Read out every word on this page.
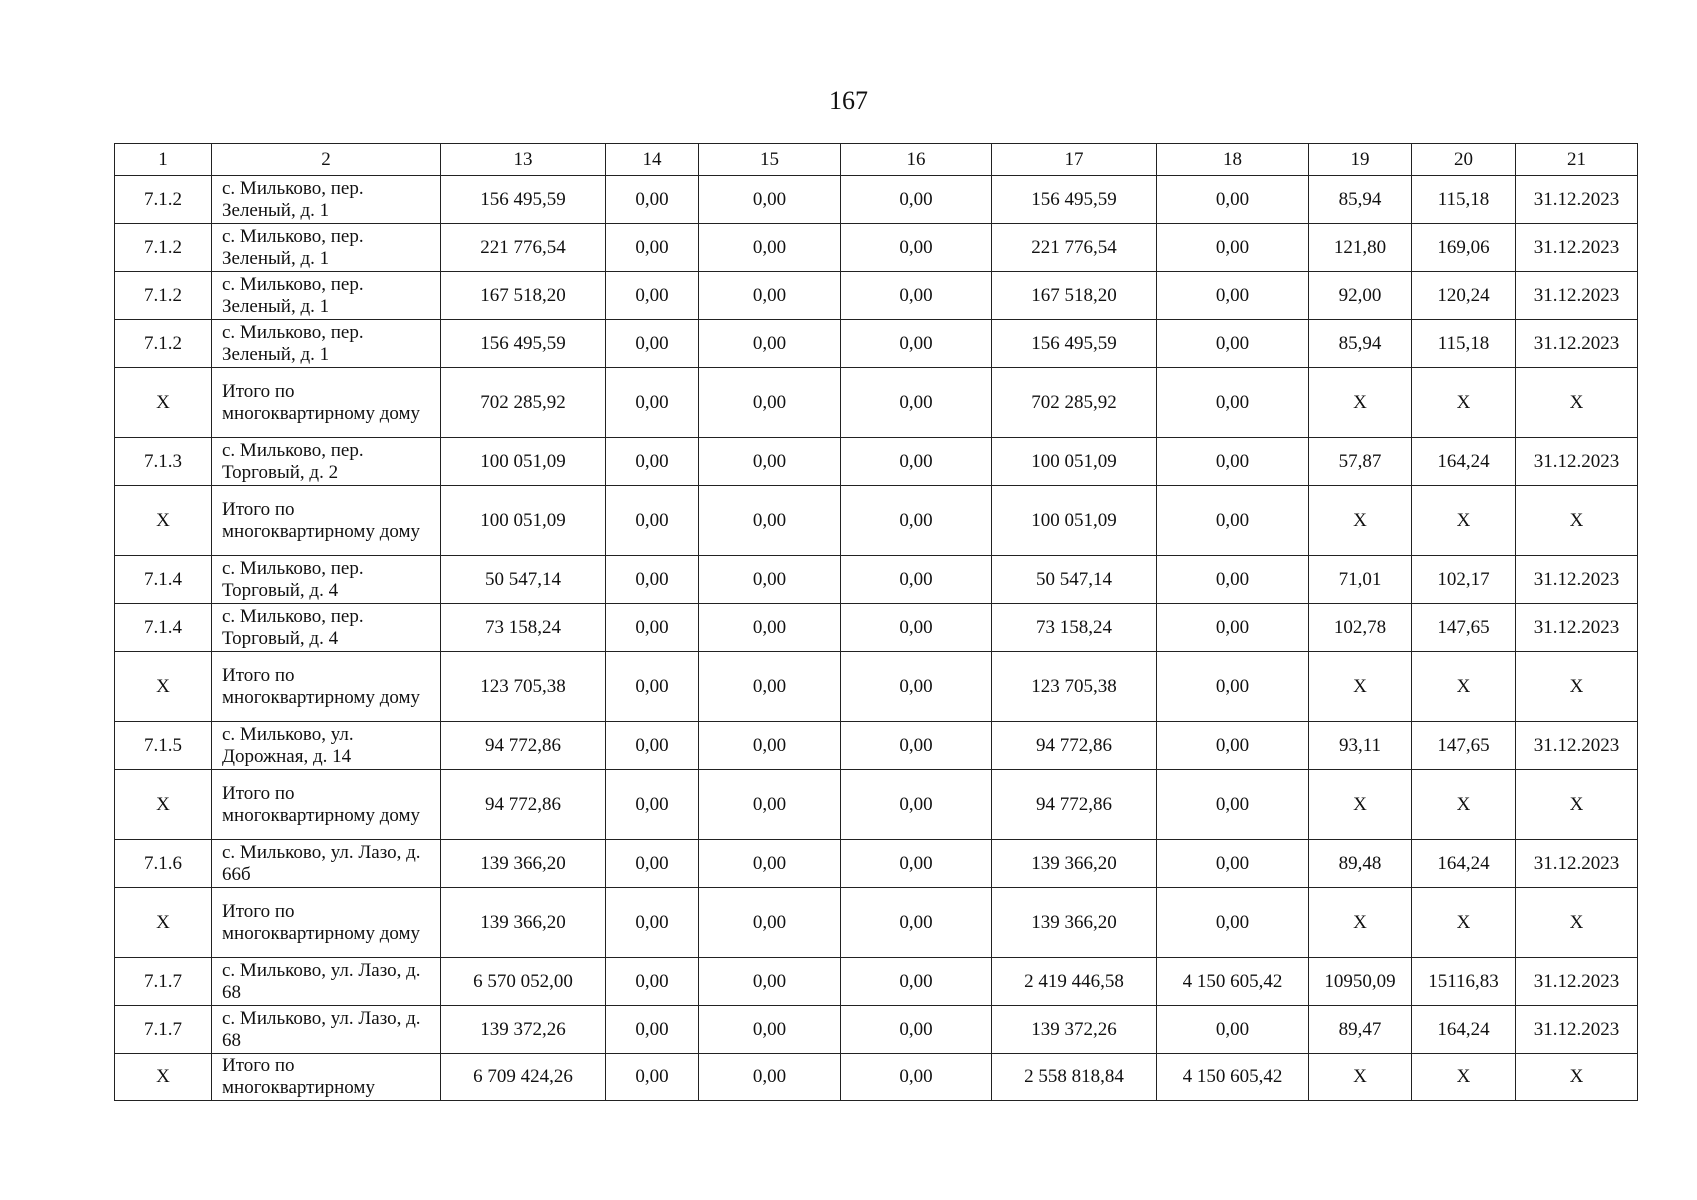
167
1	2	13	14	15	16	17	18	19	20	21
7.1.2	с. Мильково, пер. Зеленый, д. 1	156 495,59	0,00	0,00	0,00	156 495,59	0,00	85,94	115,18	31.12.2023
7.1.2	с. Мильково, пер. Зеленый, д. 1	221 776,54	0,00	0,00	0,00	221 776,54	0,00	121,80	169,06	31.12.2023
7.1.2	с. Мильково, пер. Зеленый, д. 1	167 518,20	0,00	0,00	0,00	167 518,20	0,00	92,00	120,24	31.12.2023
7.1.2	с. Мильково, пер. Зеленый, д. 1	156 495,59	0,00	0,00	0,00	156 495,59	0,00	85,94	115,18	31.12.2023
X	Итого по многоквартирному дому	702 285,92	0,00	0,00	0,00	702 285,92	0,00	X	X	X
7.1.3	с. Мильково, пер. Торговый, д. 2	100 051,09	0,00	0,00	0,00	100 051,09	0,00	57,87	164,24	31.12.2023
X	Итого по многоквартирному дому	100 051,09	0,00	0,00	0,00	100 051,09	0,00	X	X	X
7.1.4	с. Мильково, пер. Торговый, д. 4	50 547,14	0,00	0,00	0,00	50 547,14	0,00	71,01	102,17	31.12.2023
7.1.4	с. Мильково, пер. Торговый, д. 4	73 158,24	0,00	0,00	0,00	73 158,24	0,00	102,78	147,65	31.12.2023
X	Итого по многоквартирному дому	123 705,38	0,00	0,00	0,00	123 705,38	0,00	X	X	X
7.1.5	с. Мильково, ул. Дорожная, д. 14	94 772,86	0,00	0,00	0,00	94 772,86	0,00	93,11	147,65	31.12.2023
X	Итого по многоквартирному дому	94 772,86	0,00	0,00	0,00	94 772,86	0,00	X	X	X
7.1.6	с. Мильково, ул. Лазо, д. 66б	139 366,20	0,00	0,00	0,00	139 366,20	0,00	89,48	164,24	31.12.2023
X	Итого по многоквартирному дому	139 366,20	0,00	0,00	0,00	139 366,20	0,00	X	X	X
7.1.7	с. Мильково, ул. Лазо, д. 68	6 570 052,00	0,00	0,00	0,00	2 419 446,58	4 150 605,42	10950,09	15116,83	31.12.2023
7.1.7	с. Мильково, ул. Лазо, д. 68	139 372,26	0,00	0,00	0,00	139 372,26	0,00	89,47	164,24	31.12.2023
X	Итого по многоквартирному	6 709 424,26	0,00	0,00	0,00	2 558 818,84	4 150 605,42	X	X	X
